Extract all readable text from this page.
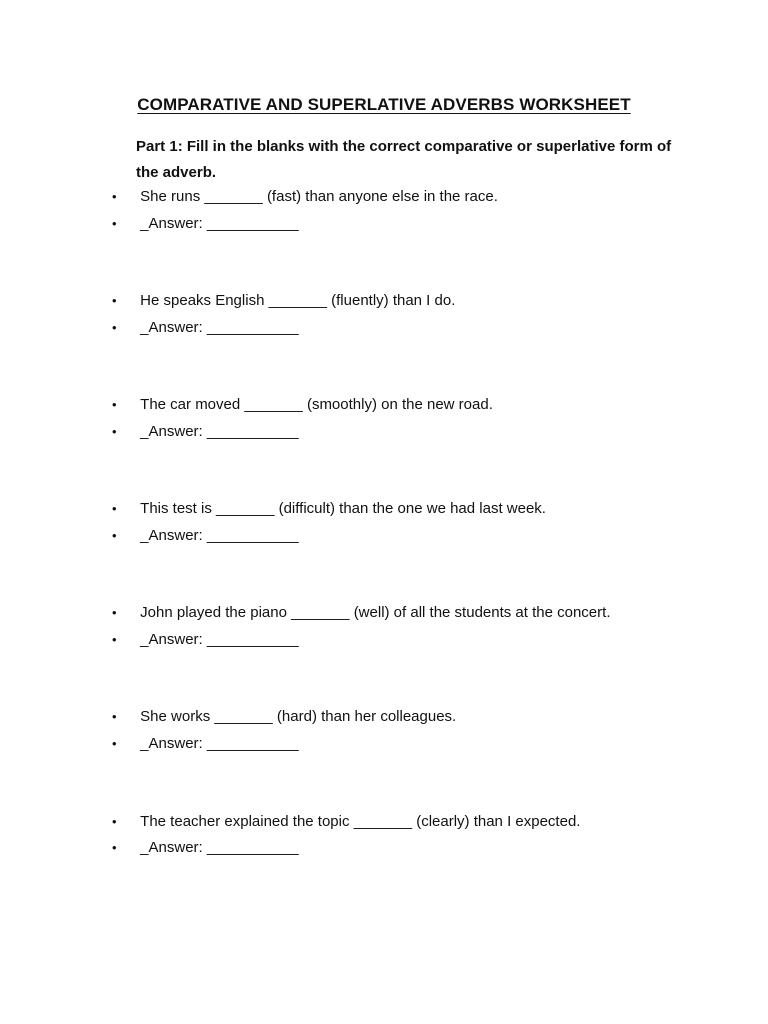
COMPARATIVE AND SUPERLATIVE ADVERBS WORKSHEET
Part 1: Fill in the blanks with the correct comparative or superlative form of the adverb.
• She runs _______ (fast) than anyone else in the race.
• _Answer: ___________
• He speaks English _______ (fluently) than I do.
• _Answer: ___________
• The car moved _______ (smoothly) on the new road.
• _Answer: ___________
• This test is _______ (difficult) than the one we had last week.
• _Answer: ___________
• John played the piano _______ (well) of all the students at the concert.
• _Answer: ___________
• She works _______ (hard) than her colleagues.
• _Answer: ___________
• The teacher explained the topic _______ (clearly) than I expected.
• _Answer: ___________
